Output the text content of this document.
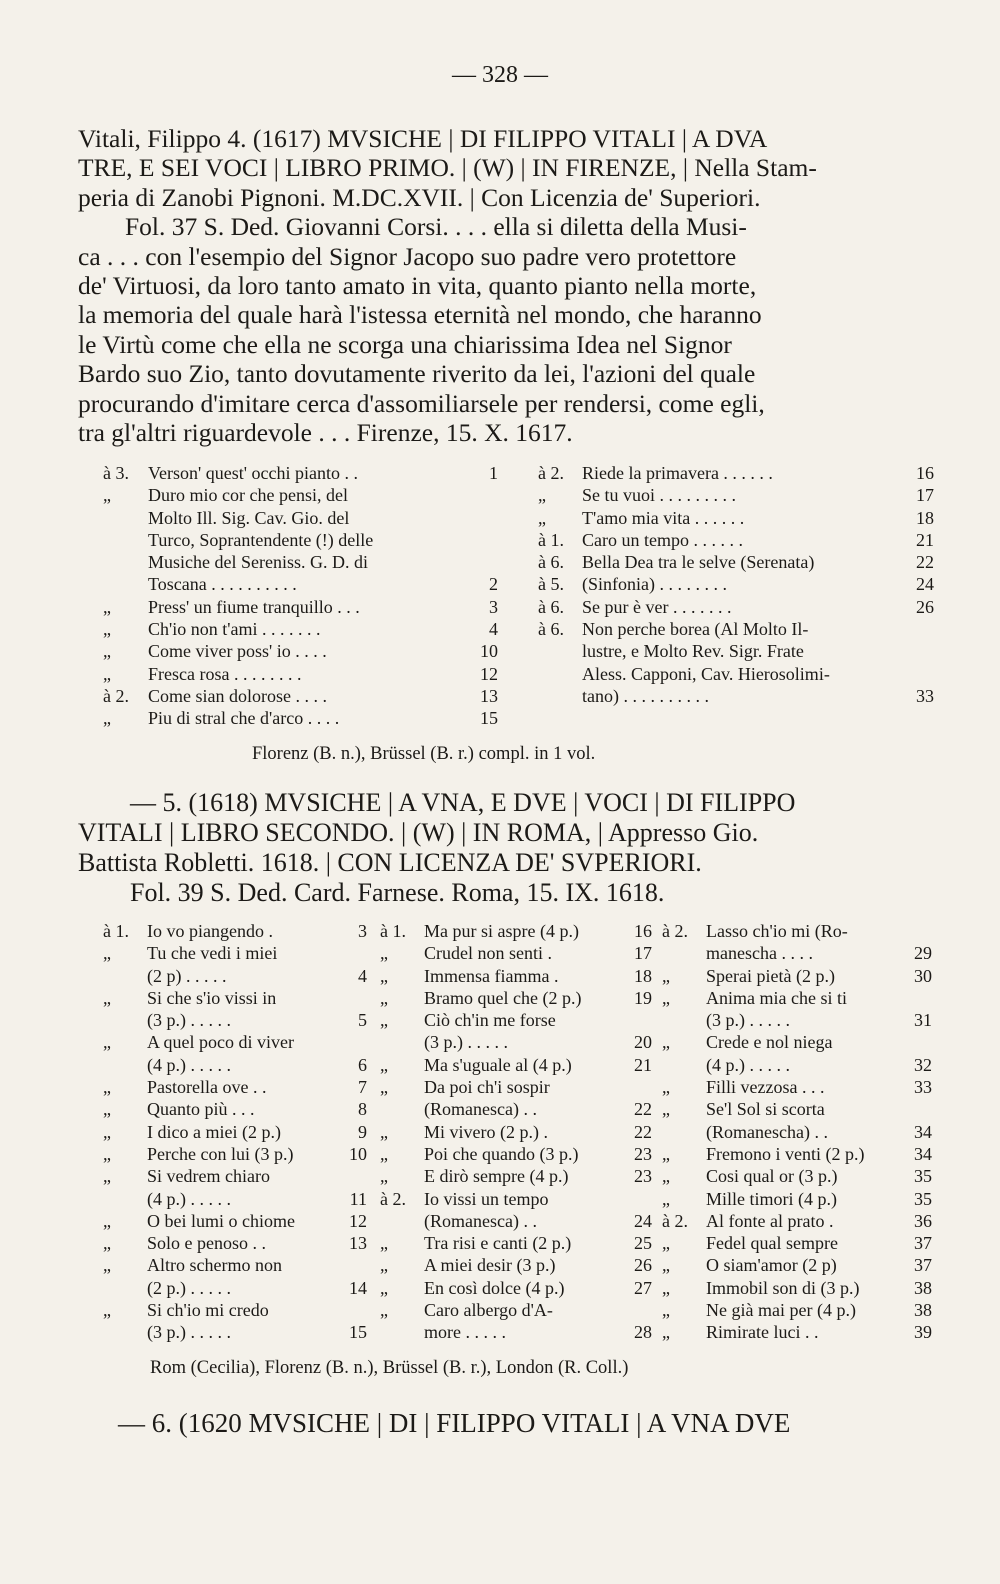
— 328 —
Vitali, Filippo 4. (1617) MVSICHE | DI FILIPPO VITALI | A DVA
TRE, E SEI VOCI | LIBRO PRIMO. | (W) | IN FIRENZE, | Nella Stam-
peria di Zanobi Pignoni. M.DC.XVII. | Con Licenzia de' Superiori.
Fol. 37 S. Ded. Giovanni Corsi. . . . ella si diletta della Musi-
ca . . . con l'esempio del Signor Jacopo suo padre vero protettore
de' Virtuosi, da loro tanto amato in vita, quanto pianto nella morte,
la memoria del quale harà l'istessa eternità nel mondo, che haranno
le Virtù come che ella ne scorga una chiarissima Idea nel Signor
Bardo suo Zio, tanto dovutamente riverito da lei, l'azioni del quale
procurando d'imitare cerca d'assomiliarsele per rendersi, come egli,
tra gl'altri riguardevole . . . Firenze, 15. X. 1617.
à 3. Verson' quest' occhi pianto . .	1
„ Duro mio cor che pensi, del
Molto Ill. Sig. Cav. Gio. del
Turco, Soprantendente (!) delle
Musiche del Sereniss. G. D. di
Toscana . . . . . . . . . .	2
„ Press' un fiume tranquillo . . .	3
„ Ch'io non t'ami . . . . . . .	4
„ Come viver poss' io . . . .	10
„ Fresca rosa . . . . . . . .	12
à 2. Come sian dolorose . . . .	13
„ Piu di stral che d'arco . . . .	15
à 2. Riede la primavera . . . . . .	16
„ Se tu vuoi . . . . . . . . .	17
„ T'amo mia vita . . . . . .	18
à 1. Caro un tempo . . . . . .	21
à 6. Bella Dea tra le selve (Serenata)	22
à 5. (Sinfonia) . . . . . . . .	24
à 6. Se pur è ver . . . . . . .	26
à 6. Non perche borea (Al Molto Il-
lustre, e Molto Rev. Sigr. Frate
Aless. Capponi, Cav. Hierosolimi-
tano) . . . . . . . . . .	33
Florenz (B. n.), Brüssel (B. r.) compl. in 1 vol.
— 5. (1618) MVSICHE | A VNA, E DVE | VOCI | DI FILIPPO
VITALI | LIBRO SECONDO. | (W) | IN ROMA, | Appresso Gio.
Battista Robletti. 1618. | CON LICENZA DE' SVPERIORI.
Fol. 39 S. Ded. Card. Farnese. Roma, 15. IX. 1618.
à 1. Io vo piangendo .	3
„ Tu che vedi i miei
(2 p) . . . . .	4
„ Si che s'io vissi in
(3 p.) . . . . .	5
„ A quel poco di viver
(4 p.) . . . . .	6
„ Pastorella ove . .	7
„ Quanto più . . .	8
„ I dico a miei (2 p.)	9
„ Perche con lui (3 p.)	10
„ Si vedrem chiaro
(4 p.) . . . . .	11
„ O bei lumi o chiome	12
„ Solo e penoso . .	13
„ Altro schermo non
(2 p.) . . . . .	14
„ Si ch'io mi credo
(3 p.) . . . . .	15
à 1. Ma pur si aspre (4 p.)	16
„ Crudel non senti .	17
„ Immensa fiamma .	18
„ Bramo quel che (2 p.)	19
„ Ciò ch'in me forse
(3 p.) . . . . .	20
„ Ma s'uguale al (4 p.)	21
„ Da poi ch'i sospir
(Romanesca) . .	22
„ Mi vivero (2 p.) .	22
„ Poi che quando (3 p.)	23
„ E dirò sempre (4 p.)	23
à 2. Io vissi un tempo
(Romanesca) . .	24
„ Tra risi e canti (2 p.)	25
„ A miei desir (3 p.)	26
„ En così dolce (4 p.)	27
„ Caro albergo d'A-
more . . . . .	28
à 2. Lasso ch'io mi (Ro-
manescha . . . .	29
„ Sperai pietà (2 p.)	30
„ Anima mia che si ti
(3 p.) . . . . .	31
„ Crede e nol niega
(4 p.) . . . . .	32
„ Filli vezzosa . . .	33
„ Se'l Sol si scorta
(Romanescha) . .	34
„ Fremono i venti (2 p.)	34
„ Cosi qual or (3 p.)	35
„ Mille timori (4 p.)	35
à 2. Al fonte al prato .	36
„ Fedel qual sempre	37
„ O siam'amor (2 p)	37
„ Immobil son di (3 p.)	38
„ Ne già mai per (4 p.)	38
„ Rimirate luci . .	39
Rom (Cecilia), Florenz (B. n.), Brüssel (B. r.), London (R. Coll.)
— 6. (1620 MVSICHE | DI | FILIPPO VITALI | A VNA DVE
